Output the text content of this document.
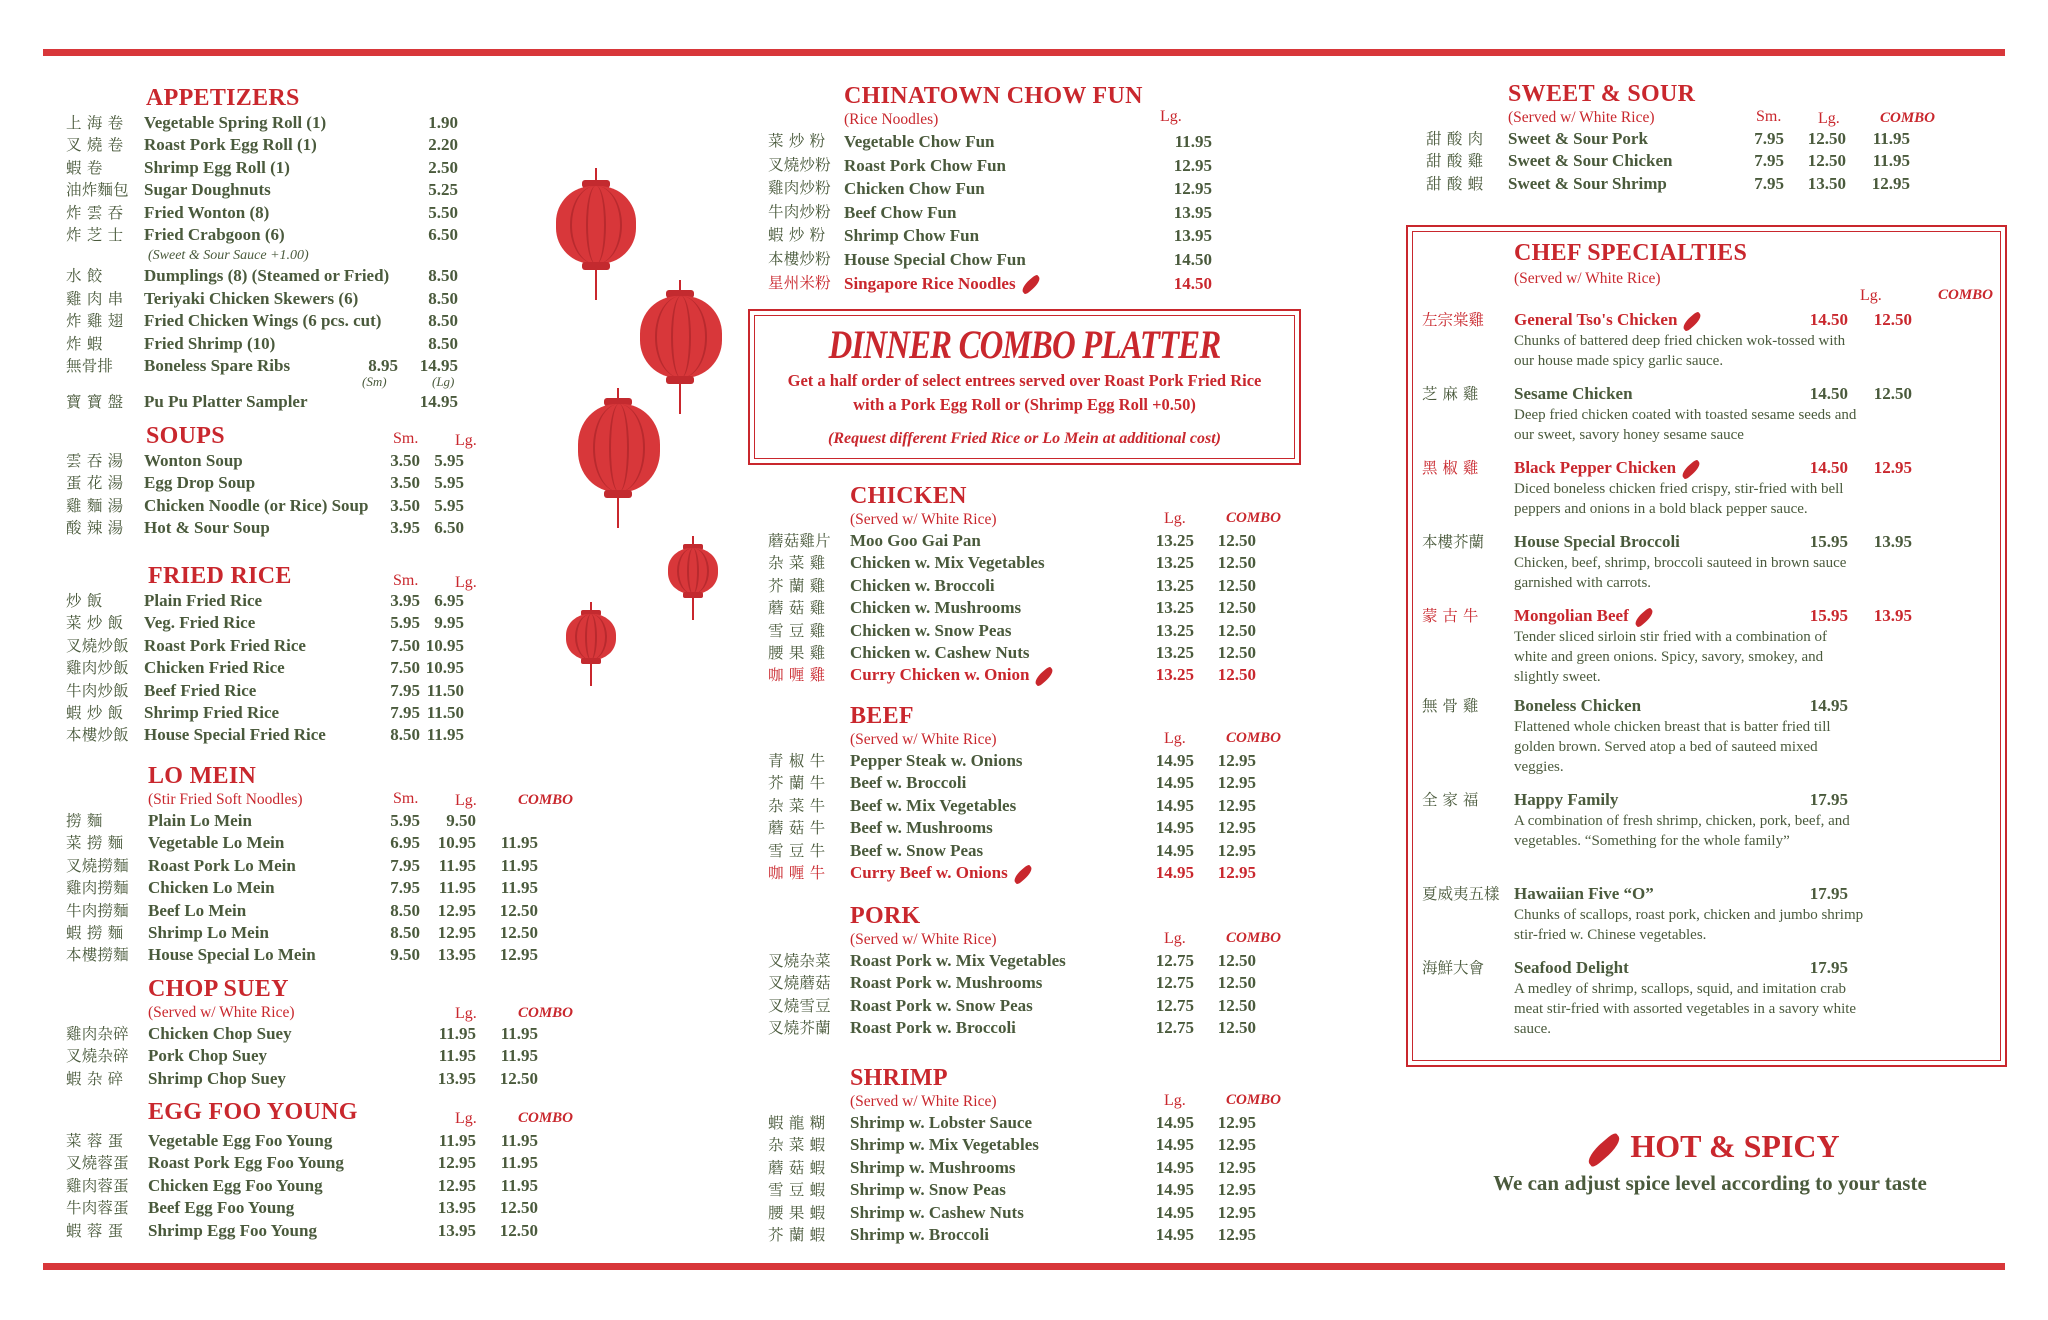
APPETIZERS
上 海 卷 Vegetable Spring Roll (1)	1.90
叉 燒 卷 Roast Pork Egg Roll (1)	2.20
蝦 卷 Shrimp Egg Roll (1)	2.50
油炸麵包 Sugar Doughnuts	5.25
炸 雲 吞 Fried Wonton (8)	5.50
炸 芝 士 Fried Crabgoon (6)	6.50
(Sweet & Sour Sauce +1.00)
水 餃 Dumplings (8) (Steamed or Fried)	8.50
雞 肉 串 Teriyaki Chicken Skewers (6)	8.50
炸 雞 翅 Fried Chicken Wings (6 pcs. cut)	8.50
炸 蝦 Fried Shrimp (10)	8.50
無骨排 Boneless Spare Ribs	8.95	14.95
(Sm)	(Lg)
寶 寶 盤 Pu Pu Platter Sampler	14.95
SOUPS	Sm. Lg.
雲 吞 湯 Wonton Soup	3.50 5.95
蛋 花 湯 Egg Drop Soup	3.50 5.95
雞 麵 湯 Chicken Noodle (or Rice) Soup	3.50 5.95
酸 辣 湯 Hot & Sour Soup	3.95 6.50
FRIED RICE	Sm. Lg.
炒 飯 Plain Fried Rice	3.95 6.95
菜 炒 飯 Veg. Fried Rice	5.95 9.95
叉燒炒飯 Roast Pork Fried Rice	7.50 10.95
雞肉炒飯 Chicken Fried Rice	7.50 10.95
牛肉炒飯 Beef Fried Rice	7.95 11.50
蝦 炒 飯 Shrimp Fried Rice	7.95 11.50
本樓炒飯 House Special Fried Rice	8.50 11.95
LO MEIN
(Stir Fried Soft Noodles)	Sm. Lg.	COMBO
撈 麵	Plain Lo Mein	5.95	9.50
菜 撈 麵 Vegetable Lo Mein	6.95	10.95	11.95
叉燒撈麵 Roast Pork Lo Mein	7.95	11.95	11.95
雞肉撈麵 Chicken Lo Mein	7.95	11.95	11.95
牛肉撈麵 Beef Lo Mein	8.50	12.95	12.50
蝦 撈 麵 Shrimp Lo Mein	8.50	12.95	12.50
本樓撈麵 House Special Lo Mein	9.50	13.95	12.95
CHOP SUEY
(Served w/ White Rice)	Lg.	COMBO
雞肉杂碎 Chicken Chop Suey	11.95	11.95
叉燒杂碎 Pork Chop Suey	11.95	11.95
蝦 杂 碎 Shrimp Chop Suey	13.95	12.50
EGG FOO YOUNG	Lg.	COMBO
菜 蓉 蛋 Vegetable Egg Foo Young	11.95	11.95
叉燒蓉蛋 Roast Pork Egg Foo Young	12.95	11.95
雞肉蓉蛋 Chicken Egg Foo Young	12.95	11.95
牛肉蓉蛋 Beef Egg Foo Young	13.95	12.50
蝦 蓉 蛋 Shrimp Egg Foo Young	13.95	12.50
CHINATOWN CHOW FUN
(Rice Noodles)	Lg.
菜 炒 粉 Vegetable Chow Fun	11.95
叉燒炒粉 Roast Pork Chow Fun	12.95
雞肉炒粉 Chicken Chow Fun	12.95
牛肉炒粉 Beef Chow Fun	13.95
蝦 炒 粉 Shrimp Chow Fun	13.95
本樓炒粉 House Special Chow Fun	14.50
星州米粉 Singapore Rice Noodles	14.50
DINNER COMBO PLATTER
Get a half order of select entrees served over Roast Pork Fried Rice
with a Pork Egg Roll or (Shrimp Egg Roll +0.50)
(Request different Fried Rice or Lo Mein at additional cost)
CHICKEN
(Served w/ White Rice)	Lg.	COMBO
蘑菇雞片 Moo Goo Gai Pan	13.25	12.50
杂 菜 雞 Chicken w. Mix Vegetables	13.25	12.50
芥 蘭 雞 Chicken w. Broccoli	13.25	12.50
蘑 菇 雞 Chicken w. Mushrooms	13.25	12.50
雪 豆 雞 Chicken w. Snow Peas	13.25	12.50
腰 果 雞 Chicken w. Cashew Nuts	13.25	12.50
咖 喱 雞 Curry Chicken w. Onion	13.25	12.50
BEEF
(Served w/ White Rice)	Lg.	COMBO
青 椒 牛 Pepper Steak w. Onions	14.95	12.95
芥 蘭 牛 Beef w. Broccoli	14.95	12.95
杂 菜 牛 Beef w. Mix Vegetables	14.95	12.95
蘑 菇 牛 Beef w. Mushrooms	14.95	12.95
雪 豆 牛 Beef w. Snow Peas	14.95	12.95
咖 喱 牛 Curry Beef w. Onions	14.95	12.95
PORK
(Served w/ White Rice)	Lg.	COMBO
叉燒杂菜 Roast Pork w. Mix Vegetables	12.75	12.50
叉燒蘑菇 Roast Pork w. Mushrooms	12.75	12.50
叉燒雪豆 Roast Pork w. Snow Peas	12.75	12.50
叉燒芥蘭 Roast Pork w. Broccoli	12.75	12.50
SHRIMP
(Served w/ White Rice)	Lg.	COMBO
蝦 龍 糊 Shrimp w. Lobster Sauce	14.95	12.95
杂 菜 蝦 Shrimp w. Mix Vegetables	14.95	12.95
蘑 菇 蝦 Shrimp w. Mushrooms	14.95	12.95
雪 豆 蝦 Shrimp w. Snow Peas	14.95	12.95
腰 果 蝦 Shrimp w. Cashew Nuts	14.95	12.95
芥 蘭 蝦 Shrimp w. Broccoli	14.95	12.95
SWEET & SOUR
(Served w/ White Rice)	Sm. Lg.	COMBO
甜 酸 肉 Sweet & Sour Pork	7.95	12.50	11.95
甜 酸 雞 Sweet & Sour Chicken	7.95	12.50	11.95
甜 酸 蝦 Sweet & Sour Shrimp	7.95	13.50	12.95
CHEF SPECIALTIES
(Served w/ White Rice)
Lg.	COMBO
左宗棠雞 General Tso's Chicken	14.50	12.50
Chunks of battered deep fried chicken wok-tossed with our house made spicy garlic sauce.
芝 麻 雞 Sesame Chicken	14.50	12.50
Deep fried chicken coated with toasted sesame seeds and our sweet, savory honey sesame sauce
黑 椒 雞 Black Pepper Chicken	14.50	12.95
Diced boneless chicken fried crispy, stir-fried with bell peppers and onions in a bold black pepper sauce.
本樓芥蘭 House Special Broccoli	15.95	13.95
Chicken, beef, shrimp, broccoli sauteed in brown sauce garnished with carrots.
蒙 古 牛 Mongolian Beef	15.95	13.95
Tender sliced sirloin stir fried with a combination of white and green onions. Spicy, savory, smokey, and slightly sweet.
無 骨 雞 Boneless Chicken	14.95
Flattened whole chicken breast that is batter fried till golden brown. Served atop a bed of sauteed mixed veggies.
全 家 福 Happy Family	17.95
A combination of fresh shrimp, chicken, pork, beef, and vegetables. “Something for the whole family”
夏威夷五樣 Hawaiian Five “O”	17.95
Chunks of scallops, roast pork, chicken and jumbo shrimp stir-fried w. Chinese vegetables.
海鮮大會 Seafood Delight	17.95
A medley of shrimp, scallops, squid, and imitation crab meat stir-fried with assorted vegetables in a savory white sauce.
HOT & SPICY
We can adjust spice level according to your taste
